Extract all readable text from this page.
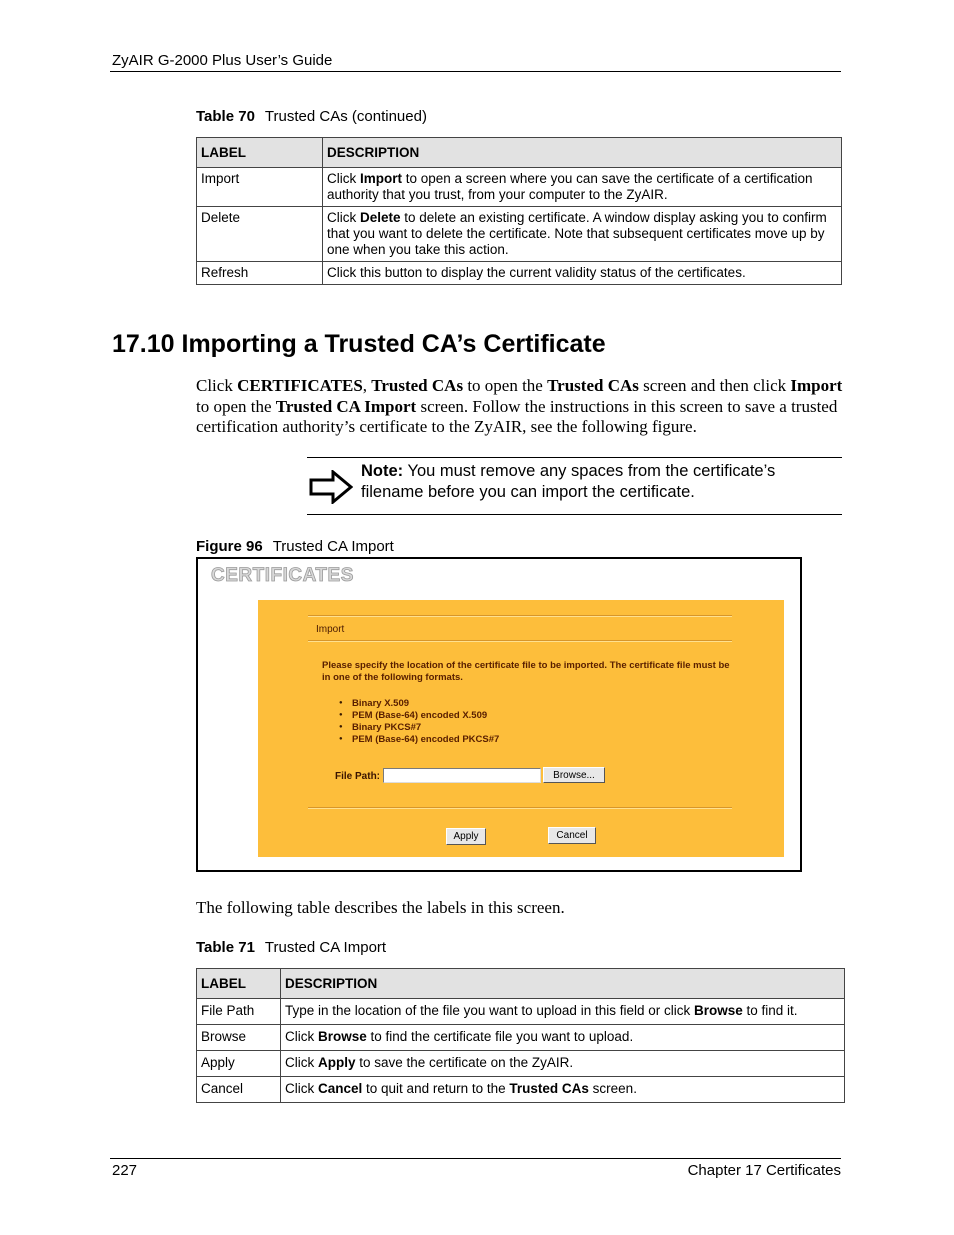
ZyAIR G-2000 Plus User’s Guide
Table 70 Trusted CAs (continued)
LABEL	DESCRIPTION
Import	Click Import to open a screen where you can save the certificate of a certification authority that you trust, from your computer to the ZyAIR.
Delete	Click Delete to delete an existing certificate. A window display asking you to confirm that you want to delete the certificate. Note that subsequent certificates move up by one when you take this action.
Refresh	Click this button to display the current validity status of the certificates.
17.10 Importing a Trusted CA’s Certificate
Click CERTIFICATES, Trusted CAs to open the Trusted CAs screen and then click Import to open the Trusted CA Import screen. Follow the instructions in this screen to save a trusted certification authority’s certificate to the ZyAIR, see the following figure.
Note: You must remove any spaces from the certificate’s filename before you can import the certificate.
Figure 96 Trusted CA Import
CERTIFICATES
Import
Please specify the location of the certificate file to be imported. The certificate file must be in one of the following formats.
● Binary X.509
● PEM (Base-64) encoded X.509
● Binary PKCS#7
● PEM (Base-64) encoded PKCS#7
File Path:	Browse...
Apply	Cancel
The following table describes the labels in this screen.
Table 71 Trusted CA Import
LABEL	DESCRIPTION
File Path	Type in the location of the file you want to upload in this field or click Browse to find it.
Browse	Click Browse to find the certificate file you want to upload.
Apply	Click Apply to save the certificate on the ZyAIR.
Cancel	Click Cancel to quit and return to the Trusted CAs screen.
227	Chapter 17 Certificates
